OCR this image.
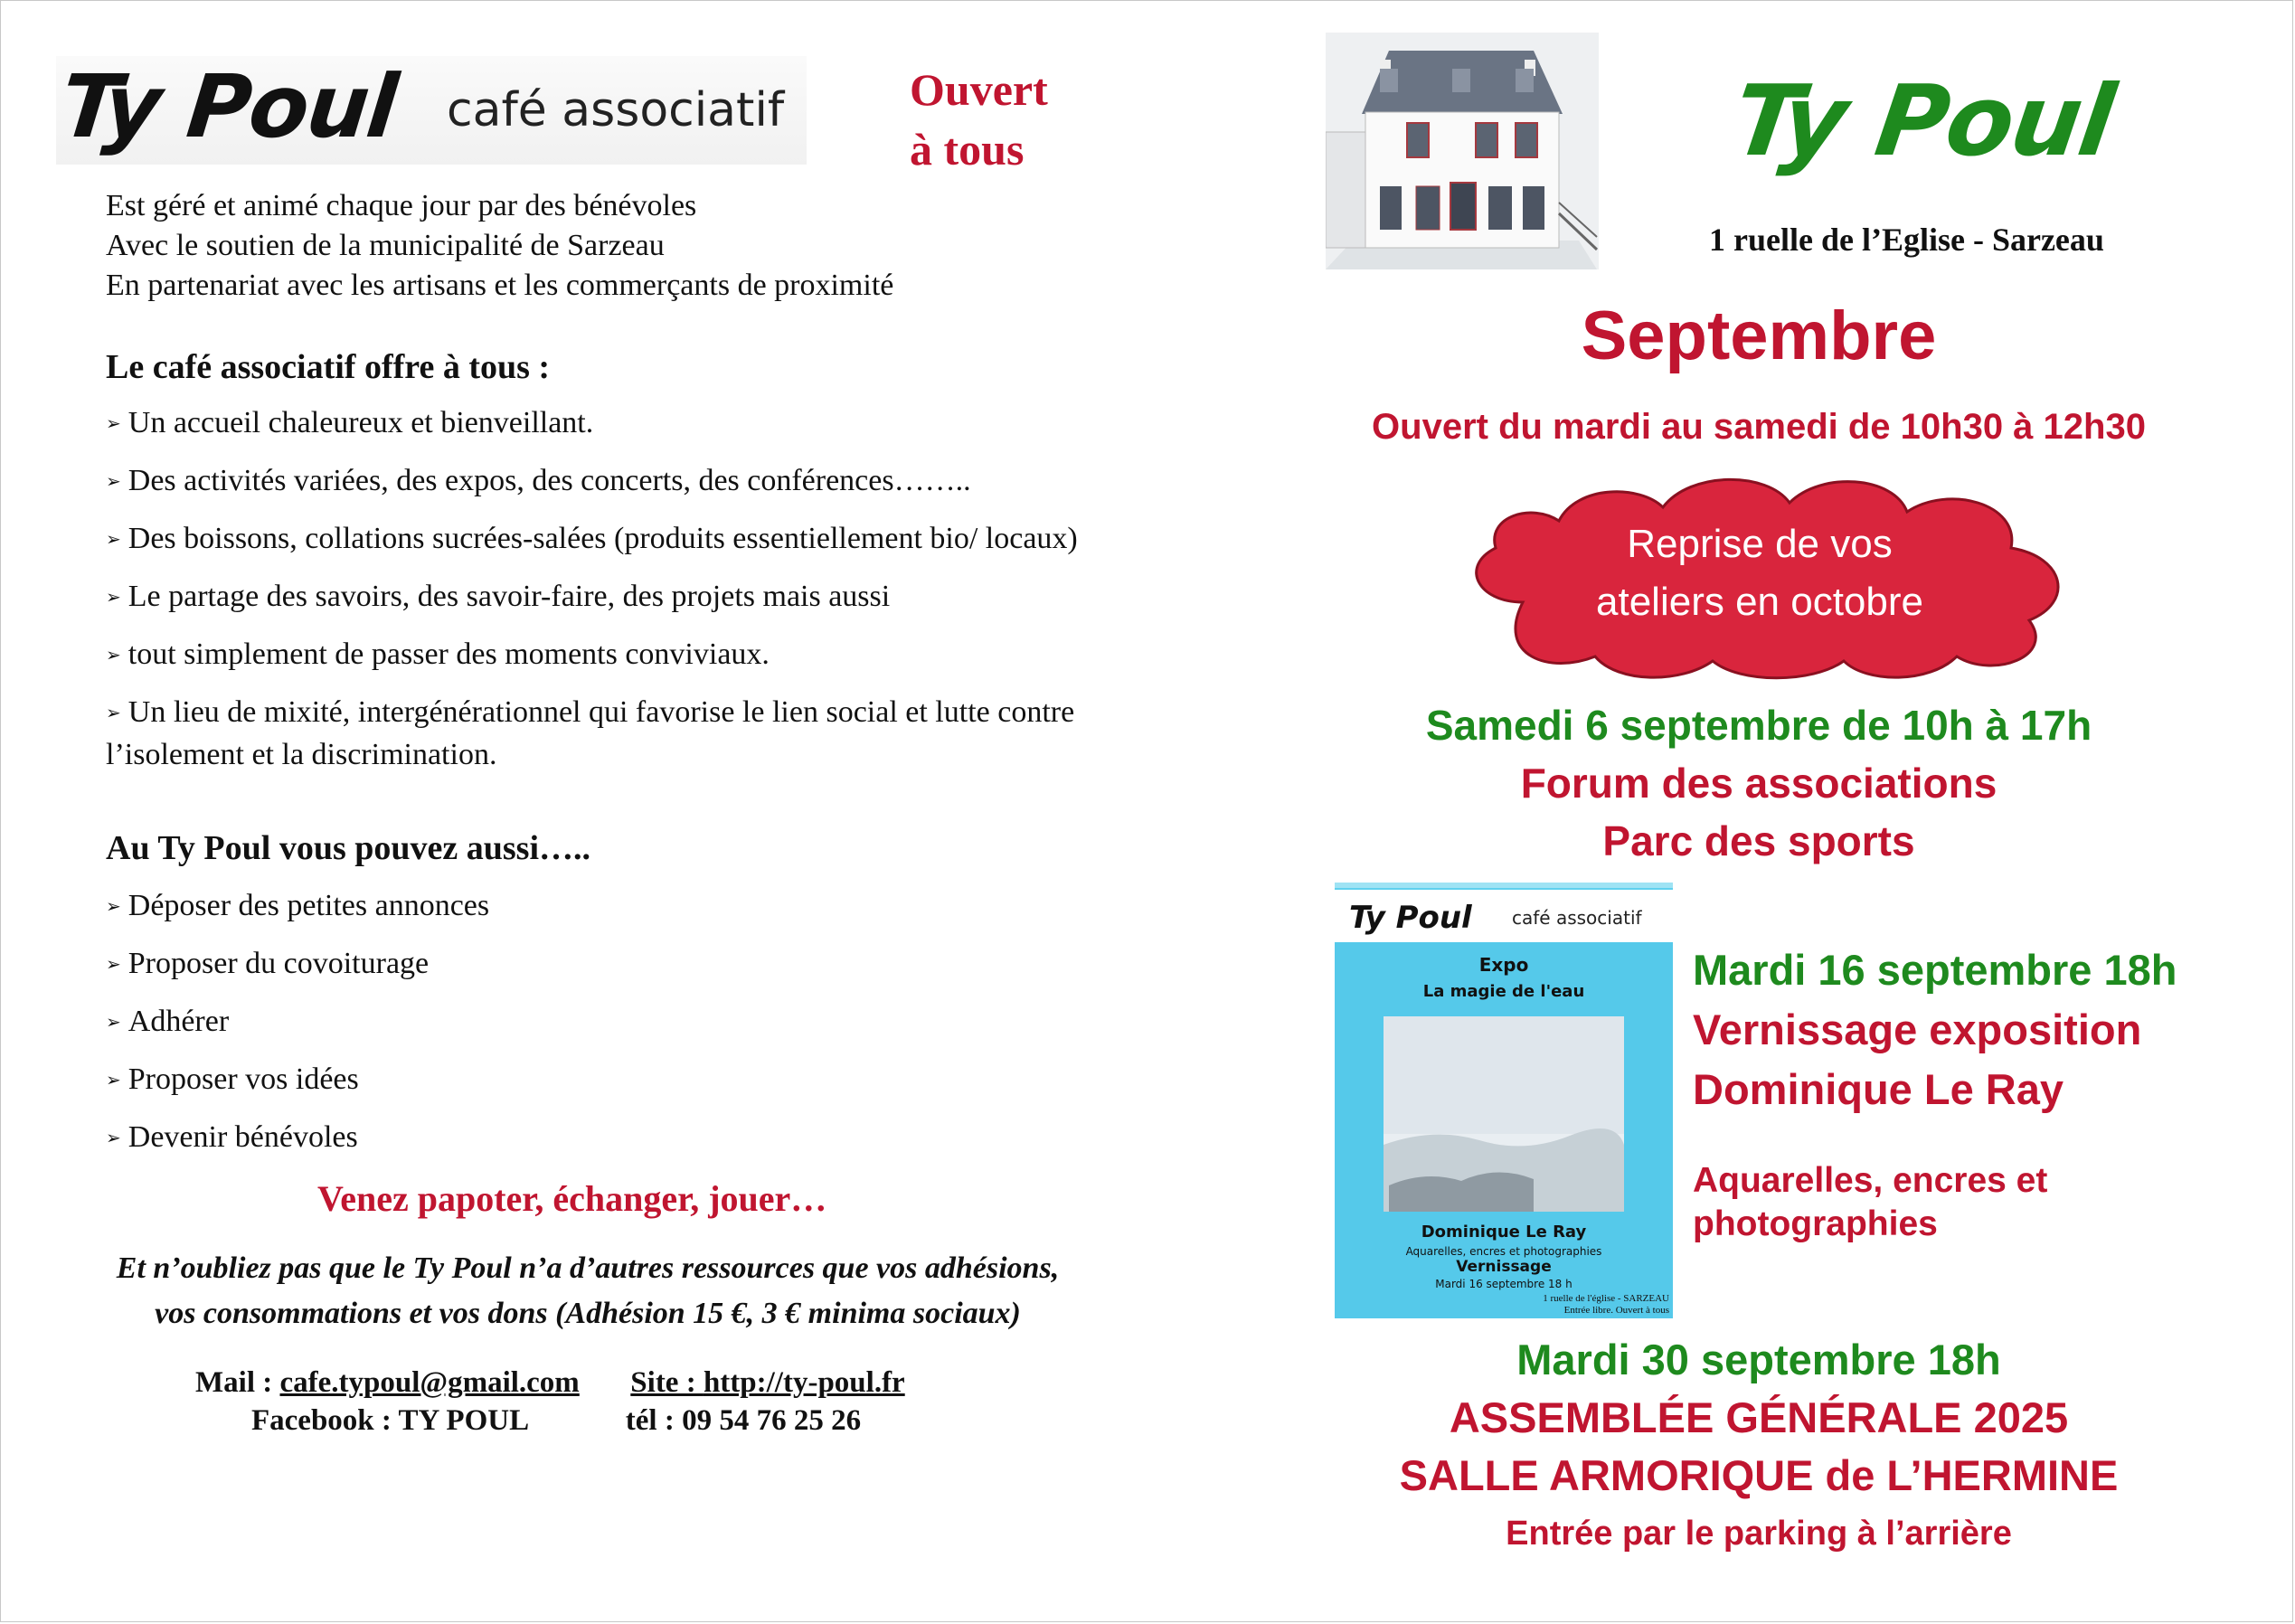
Ty Poul café associatif	Ouvert
à tous
Est géré et animé chaque jour par des bénévoles
Avec le soutien de la municipalité de Sarzeau
En partenariat avec les artisans et les commerçants de proximité
Le café associatif offre à tous :
➢ Un accueil chaleureux et bienveillant.
➢ Des activités variées, des expos, des concerts, des conférences……..
➢ Des boissons, collations sucrées-salées (produits essentiellement bio/ locaux)
➢ Le partage des savoirs, des savoir-faire, des projets mais aussi
➢ tout simplement de passer des moments conviviaux.
➢ Un lieu de mixité, intergénérationnel qui favorise le lien social et lutte contre l’isolement et la discrimination.
Au Ty Poul vous pouvez aussi…..
➢ Déposer des petites annonces
➢ Proposer du covoiturage
➢ Adhérer
➢ Proposer vos idées
➢ Devenir bénévoles
Venez papoter, échanger, jouer…
Et n’oubliez pas que le Ty Poul n’a d’autres ressources que vos adhésions,
vos consommations et vos dons (Adhésion 15 €, 3 € minima sociaux)
Mail : cafe.typoul@gmail.com Site : http://ty-poul.fr
Facebook : TY POUL	tél : 09 54 76 25 26
Ty Poul
1 ruelle de l’Eglise - Sarzeau
Septembre
Ouvert du mardi au samedi de 10h30 à 12h30
Reprise de vos
ateliers en octobre
Samedi 6 septembre de 10h à 17h
Forum des associations
Parc des sports
Ty Poul café associatif
Expo
La magie de l'eau
Dominique Le Ray
Aquarelles, encres et photographies
Vernissage
Mardi 16 septembre 18 h
1 ruelle de l'église - SARZEAU
Entrée libre. Ouvert à tous
Mardi 16 septembre 18h
Vernissage exposition
Dominique Le Ray
Aquarelles, encres et
photographies
Mardi 30 septembre 18h
ASSEMBLÉE GÉNÉRALE 2025
SALLE ARMORIQUE de L’HERMINE
Entrée par le parking à l’arrière
